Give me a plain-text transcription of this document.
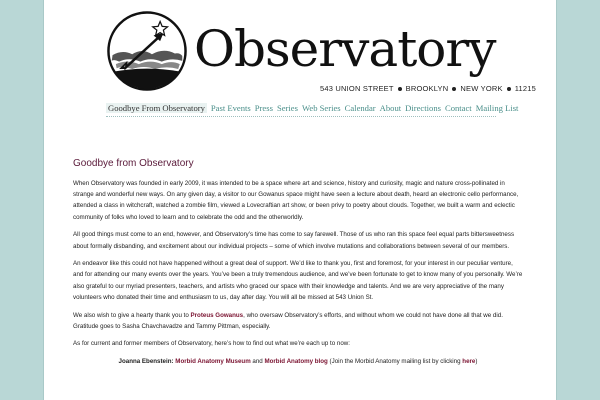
Observatory
543 UNION STREET BROOKLYN NEW YORK 11215
Goodbye From Observatory Past Events Press Series Web Series Calendar About Directions Contact Mailing List
Goodbye from Observatory

When Observatory was founded in early 2009, it was intended to be a space where art and science, history and curiosity, magic and nature cross-pollinated in strange and wonderful new ways. On any given day, a visitor to our Gowanus space might have seen a lecture about death, heard an electronic cello performance, attended a class in witchcraft, watched a zombie film, viewed a Lovecraftian art show, or been privy to poetry about clouds. Together, we built a warm and eclectic community of folks who loved to learn and to celebrate the odd and the otherworldly.

All good things must come to an end, however, and Observatory’s time has come to say farewell. Those of us who ran this space feel equal parts bittersweetness about formally disbanding, and excitement about our individual projects – some of which involve mutations and collaborations between several of our members.

An endeavor like this could not have happened without a great deal of support. We’d like to thank you, first and foremost, for your interest in our peculiar venture, and for attending our many events over the years. You’ve been a truly tremendous audience, and we’ve been fortunate to get to know many of you personally. We’re also grateful to our myriad presenters, teachers, and artists who graced our space with their knowledge and talents. And we are very appreciative of the many volunteers who donated their time and enthusiasm to us, day after day. You will all be missed at 543 Union St.

We also wish to give a hearty thank you to Proteus Gowanus, who oversaw Observatory’s efforts, and without whom we could not have done all that we did. Gratitude goes to Sasha Chavchavadze and Tammy Pittman, especially.

As for current and former members of Observatory, here’s how to find out what we’re each up to now:

Joanna Ebenstein: Morbid Anatomy Museum and Morbid Anatomy blog (Join the Morbid Anatomy mailing list by clicking here)
